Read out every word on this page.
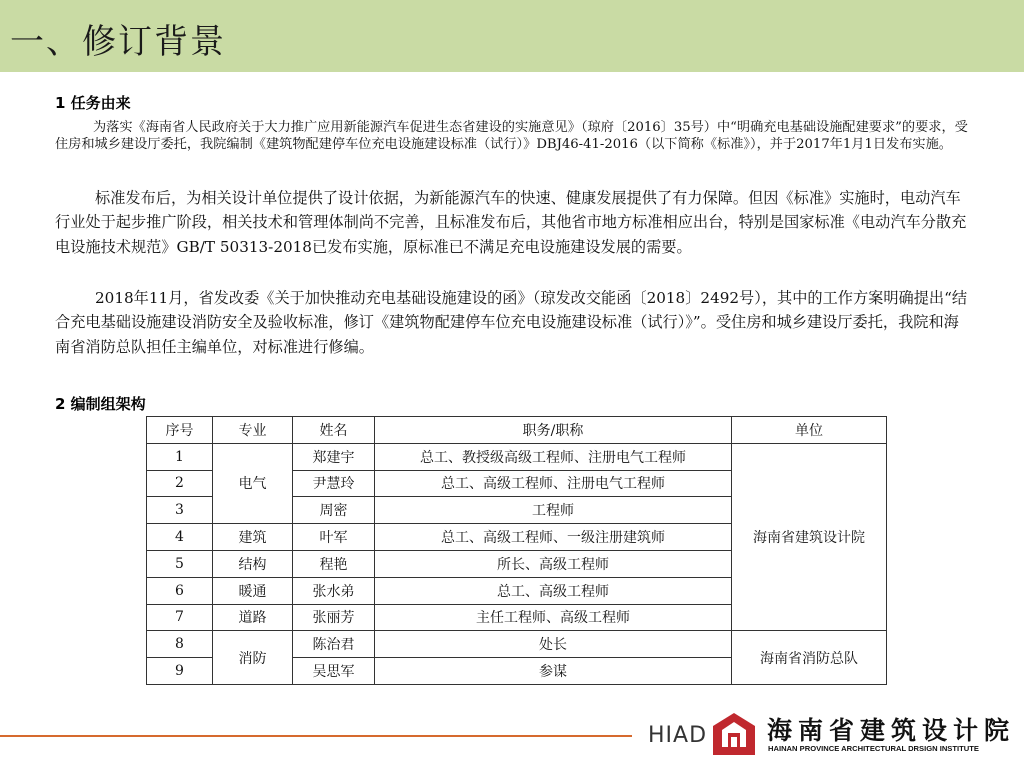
一、修订背景
1 任务由来

为落实《海南省人民政府关于大力推广应用新能源汽车促进生态省建设的实施意见》（琼府〔2016〕35号）中“明确充电基础设施配建要求”的要求，受住房和城乡建设厅委托，我院编制《建筑物配建停车位充电设施建设标准（试行）》DBJ46-41-2016（以下简称《标准》），并于2017年1月1日发布实施。

标准发布后，为相关设计单位提供了设计依据，为新能源汽车的快速、健康发展提供了有力保障。但因《标准》实施时，电动汽车行业处于起步推广阶段，相关技术和管理体制尚不完善，且标准发布后，其他省市地方标准相应出台，特别是国家标准《电动汽车分散充电设施技术规范》GB/T 50313-2018已发布实施，原标准已不满足充电设施建设发展的需要。

2018年11月，省发改委《关于加快推动充电基础设施建设的函》（琼发改交能函〔2018〕2492号），其中的工作方案明确提出“结合充电基础设施建设消防安全及验收标准，修订《建筑物配建停车位充电设施建设标准（试行）》”。受住房和城乡建设厅委托，我院和海南省消防总队担任主编单位，对标准进行修编。

2 编制组架构
序号	专业	姓名	职务/职称	单位
1	电气	郑建宇	总工、教授级高级工程师、注册电气工程师	海南省建筑设计院
2		尹慧玲	总工、高级工程师、注册电气工程师	
3		周密	工程师	
4	建筑	叶军	总工、高级工程师、一级注册建筑师	
5	结构	程艳	所长、高级工程师	
6	暖通	张水弟	总工、高级工程师	
7	道路	张丽芳	主任工程师、高级工程师	
8	消防	陈治君	处长	海南省消防总队
9		吴思军	参谋	
HIAD 海南省建筑设计院
HAINAN PROVINCE ARCHITECTURAL DRSIGN INSTITUTE
